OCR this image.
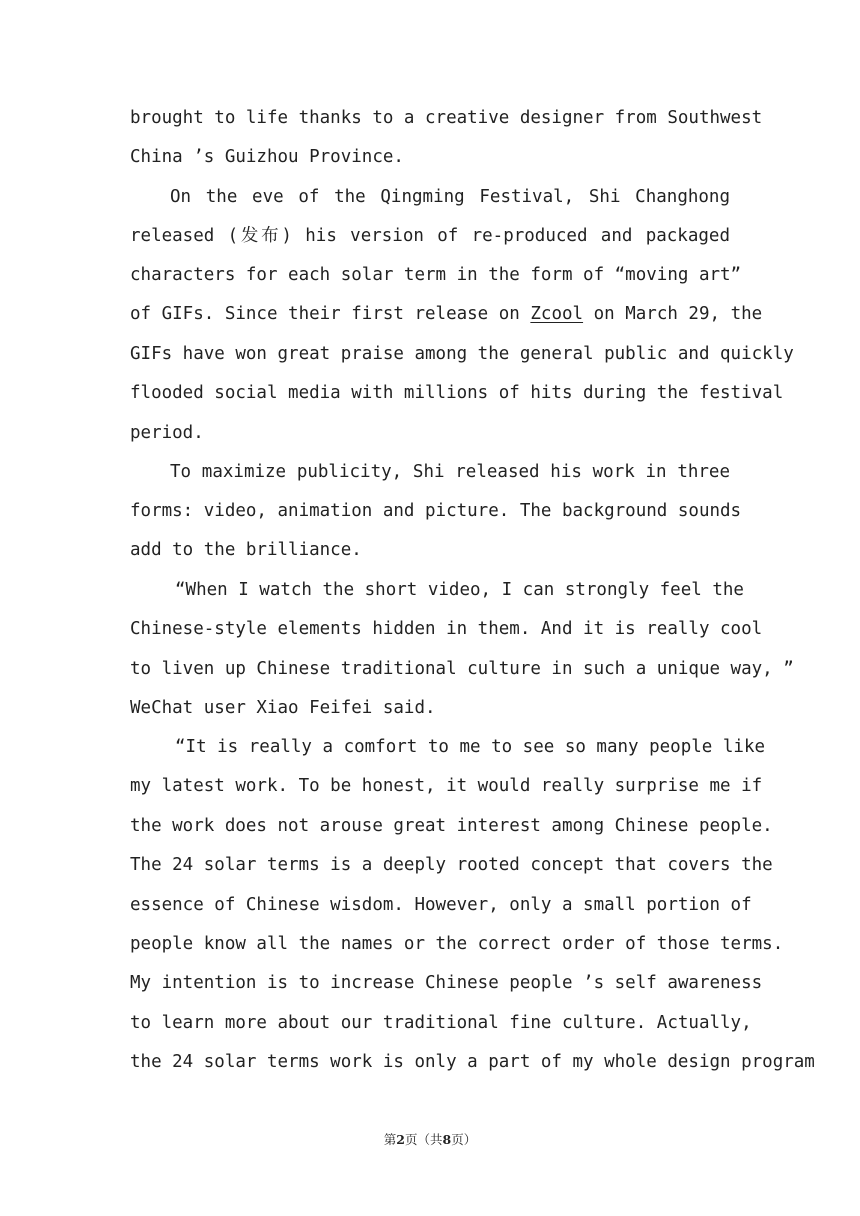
brought to life thanks to a creative designer from Southwest
China ’s Guizhou Province.
On the eve of the Qingming Festival, Shi Changhong
released (发布) his version of re-produced and packaged
characters for each solar term in the form of “moving art”
of GIFs. Since their first release on Zcool on March 29, the
GIFs have won great praise among the general public and quickly
flooded social media with millions of hits during the festival
period.
To maximize publicity, Shi released his work in three
forms: video, animation and picture. The background sounds
add to the brilliance.
“When I watch the short video, I can strongly feel the
Chinese-style elements hidden in them. And it is really cool
to liven up Chinese traditional culture in such a unique way, ”
WeChat user Xiao Feifei said.
“It is really a comfort to me to see so many people like
my latest work. To be honest, it would really surprise me if
the work does not arouse great interest among Chinese people.
The 24 solar terms is a deeply rooted concept that covers the
essence of Chinese wisdom. However, only a small portion of
people know all the names or the correct order of those terms.
My intention is to increase Chinese people ’s self awareness
to learn more about our traditional fine culture. Actually,
the 24 solar terms work is only a part of my whole design program
第2页（共8页）
